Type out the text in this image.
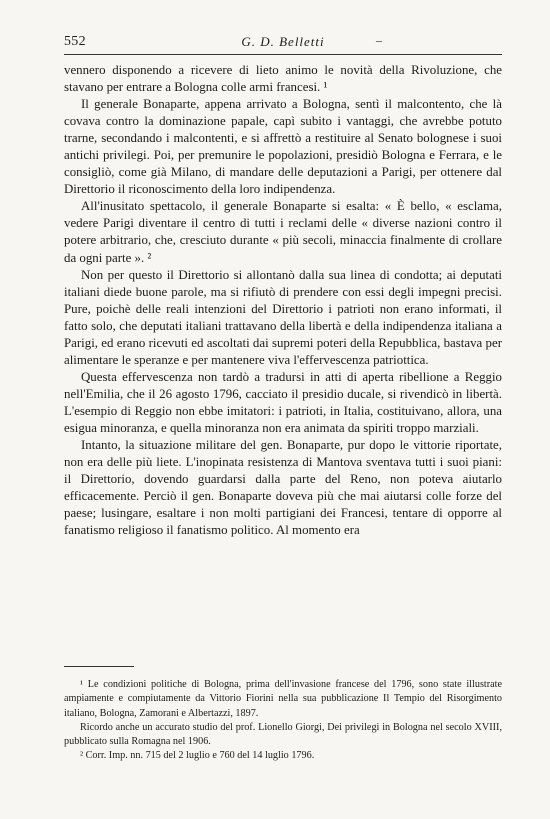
552	G. D. Belletti	–

vennero disponendo a ricevere di lieto animo le novità della Rivoluzione, che stavano per entrare a Bologna colle armi francesi. ¹

Il generale Bonaparte, appena arrivato a Bologna, sentì il malcontento, che là covava contro la dominazione papale, capì subito i vantaggi, che avrebbe potuto trarne, secondando i malcontenti, e si affrettò a restituire al Senato bolognese i suoi antichi privilegi. Poi, per premunire le popolazioni, presidiò Bologna e Ferrara, e le consigliò, come già Milano, di mandare delle deputazioni a Parigi, per ottenere dal Direttorio il riconoscimento della loro indipendenza.

All'inusitato spettacolo, il generale Bonaparte si esalta: « È bello, « esclama, vedere Parigi diventare il centro di tutti i reclami delle « diverse nazioni contro il potere arbitrario, che, cresciuto durante « più secoli, minaccia finalmente di crollare da ogni parte ». ²

Non per questo il Direttorio si allontanò dalla sua linea di condotta; ai deputati italiani diede buone parole, ma si rifiutò di prendere con essi degli impegni precisi. Pure, poichè delle reali intenzioni del Direttorio i patrioti non erano informati, il fatto solo, che deputati italiani trattavano della libertà e della indipendenza italiana a Parigi, ed erano ricevuti ed ascoltati dai supremi poteri della Repubblica, bastava per alimentare le speranze e per mantenere viva l'effervescenza patriottica.

Questa effervescenza non tardò a tradursi in atti di aperta ribellione a Reggio nell'Emilia, che il 26 agosto 1796, cacciato il presidio ducale, si rivendicò in libertà. L'esempio di Reggio non ebbe imitatori: i patrioti, in Italia, costituivano, allora, una esigua minoranza, e quella minoranza non era animata da spiriti troppo marziali.

Intanto, la situazione militare del gen. Bonaparte, pur dopo le vittorie riportate, non era delle più liete. L'inopinata resistenza di Mantova sventava tutti i suoi piani: il Direttorio, dovendo guardarsi dalla parte del Reno, non poteva aiutarlo efficacemente. Perciò il gen. Bonaparte doveva più che mai aiutarsi colle forze del paese; lusingare, esaltare i non molti partigiani dei Francesi, tentare di opporre al fanatismo religioso il fanatismo politico. Al momento era

¹ Le condizioni politiche di Bologna, prima dell'invasione francese del 1796, sono state illustrate ampiamente e compiutamente da Vittorio Fiorini nella sua pubblicazione Il Tempio del Risorgimento italiano, Bologna, Zamorani e Albertazzi, 1897.

Ricordo anche un accurato studio del prof. Lionello Giorgi, Dei privilegi in Bologna nel secolo XVIII, pubblicato sulla Romagna nel 1906.

² Corr. Imp. nn. 715 del 2 luglio e 760 del 14 luglio 1796.
